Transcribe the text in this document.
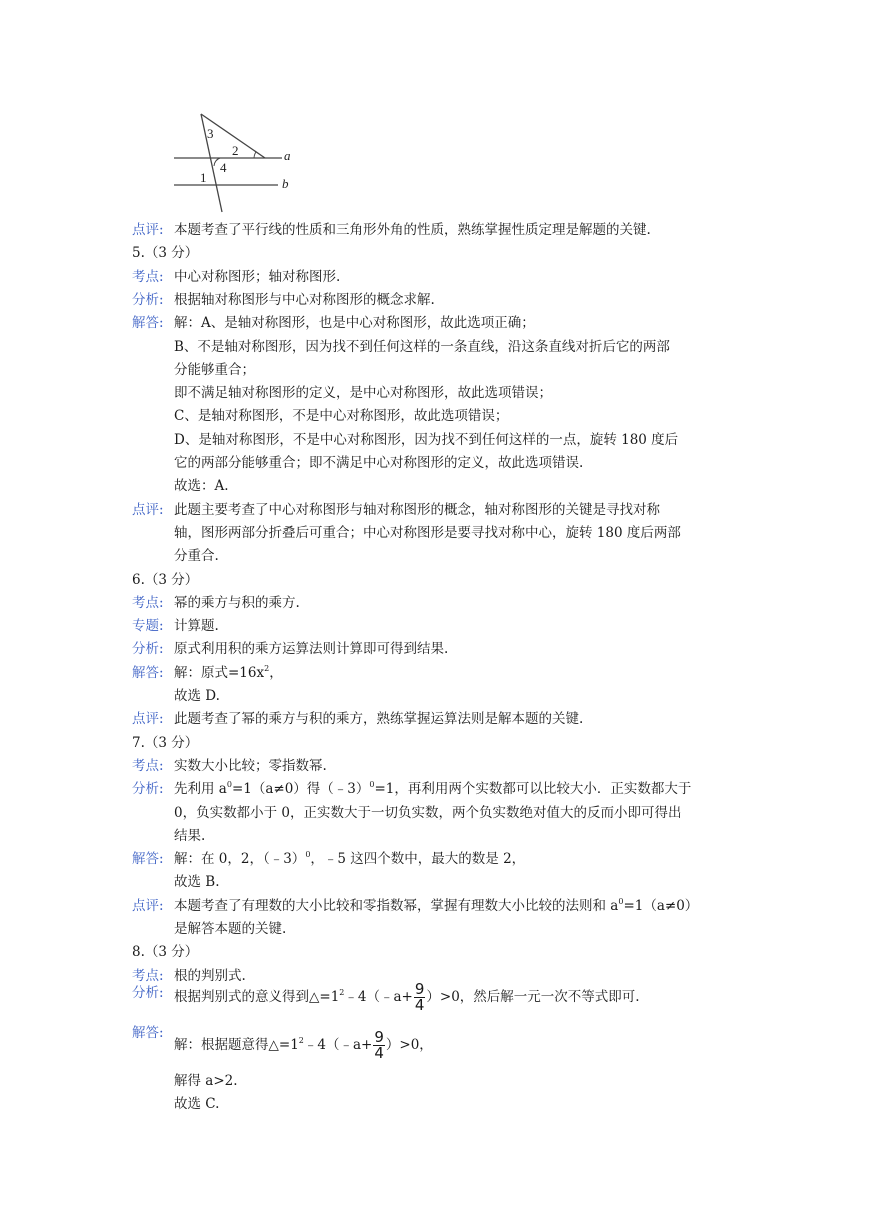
3
2
1
4
a
b
点评: 本题考查了平行线的性质和三角形外角的性质，熟练掌握性质定理是解题的关键.
5.（3 分）
考点: 中心对称图形；轴对称图形.
分析: 根据轴对称图形与中心对称图形的概念求解.
解答: 解：A、是轴对称图形，也是中心对称图形，故此选项正确；
B、不是轴对称图形，因为找不到任何这样的一条直线，沿这条直线对折后它的两部
分能够重合；
即不满足轴对称图形的定义，是中心对称图形，故此选项错误；
C、是轴对称图形，不是中心对称图形，故此选项错误；
D、是轴对称图形，不是中心对称图形，因为找不到任何这样的一点，旋转 180 度后
它的两部分能够重合；即不满足中心对称图形的定义，故此选项错误.
故选：A.
点评: 此题主要考查了中心对称图形与轴对称图形的概念，轴对称图形的关键是寻找对称
轴，图形两部分折叠后可重合；中心对称图形是要寻找对称中心，旋转 180 度后两部
分重合.
6.（3 分）
考点: 幂的乘方与积的乘方.
专题: 计算题.
分析: 原式利用积的乘方运算法则计算即可得到结果.
解答: 解：原式$=16x^2$，
故选 D.
点评: 此题考查了幂的乘方与积的乘方，熟练掌握运算法则是解本题的关键.
7.（3 分）
考点: 实数大小比较；零指数幂.
分析: 先利用 $a^0=1(a\ne 0)$得（﹣3）$^0$=1，再利用两个实数都可以比较大小．正实数都大于
0，负实数都小于 0，正实数大于一切负实数，两个负实数绝对值大的反而小即可得出
结果.
解答: 解：在 0，2，（﹣3）$^0$，﹣5 这四个数中，最大的数是 2，
故选 B.
点评: 本题考查了有理数的大小比较和零指数幂，掌握有理数大小比较的法则和 $a^0=1(a\ne 0)$
是解答本题的关键.
8.（3 分）
考点: 根的判别式.
分析: 根据判别式的意义得到$\triangle=1^2﹣4(﹣a+ \frac{9}{4} )>0$，然后解一元一次不等式即可.
解答:
解：根据题意得$\triangle=1^2﹣4(﹣a+ \frac{9}{4} )>0$，
解得 a>2.
故选 C.
